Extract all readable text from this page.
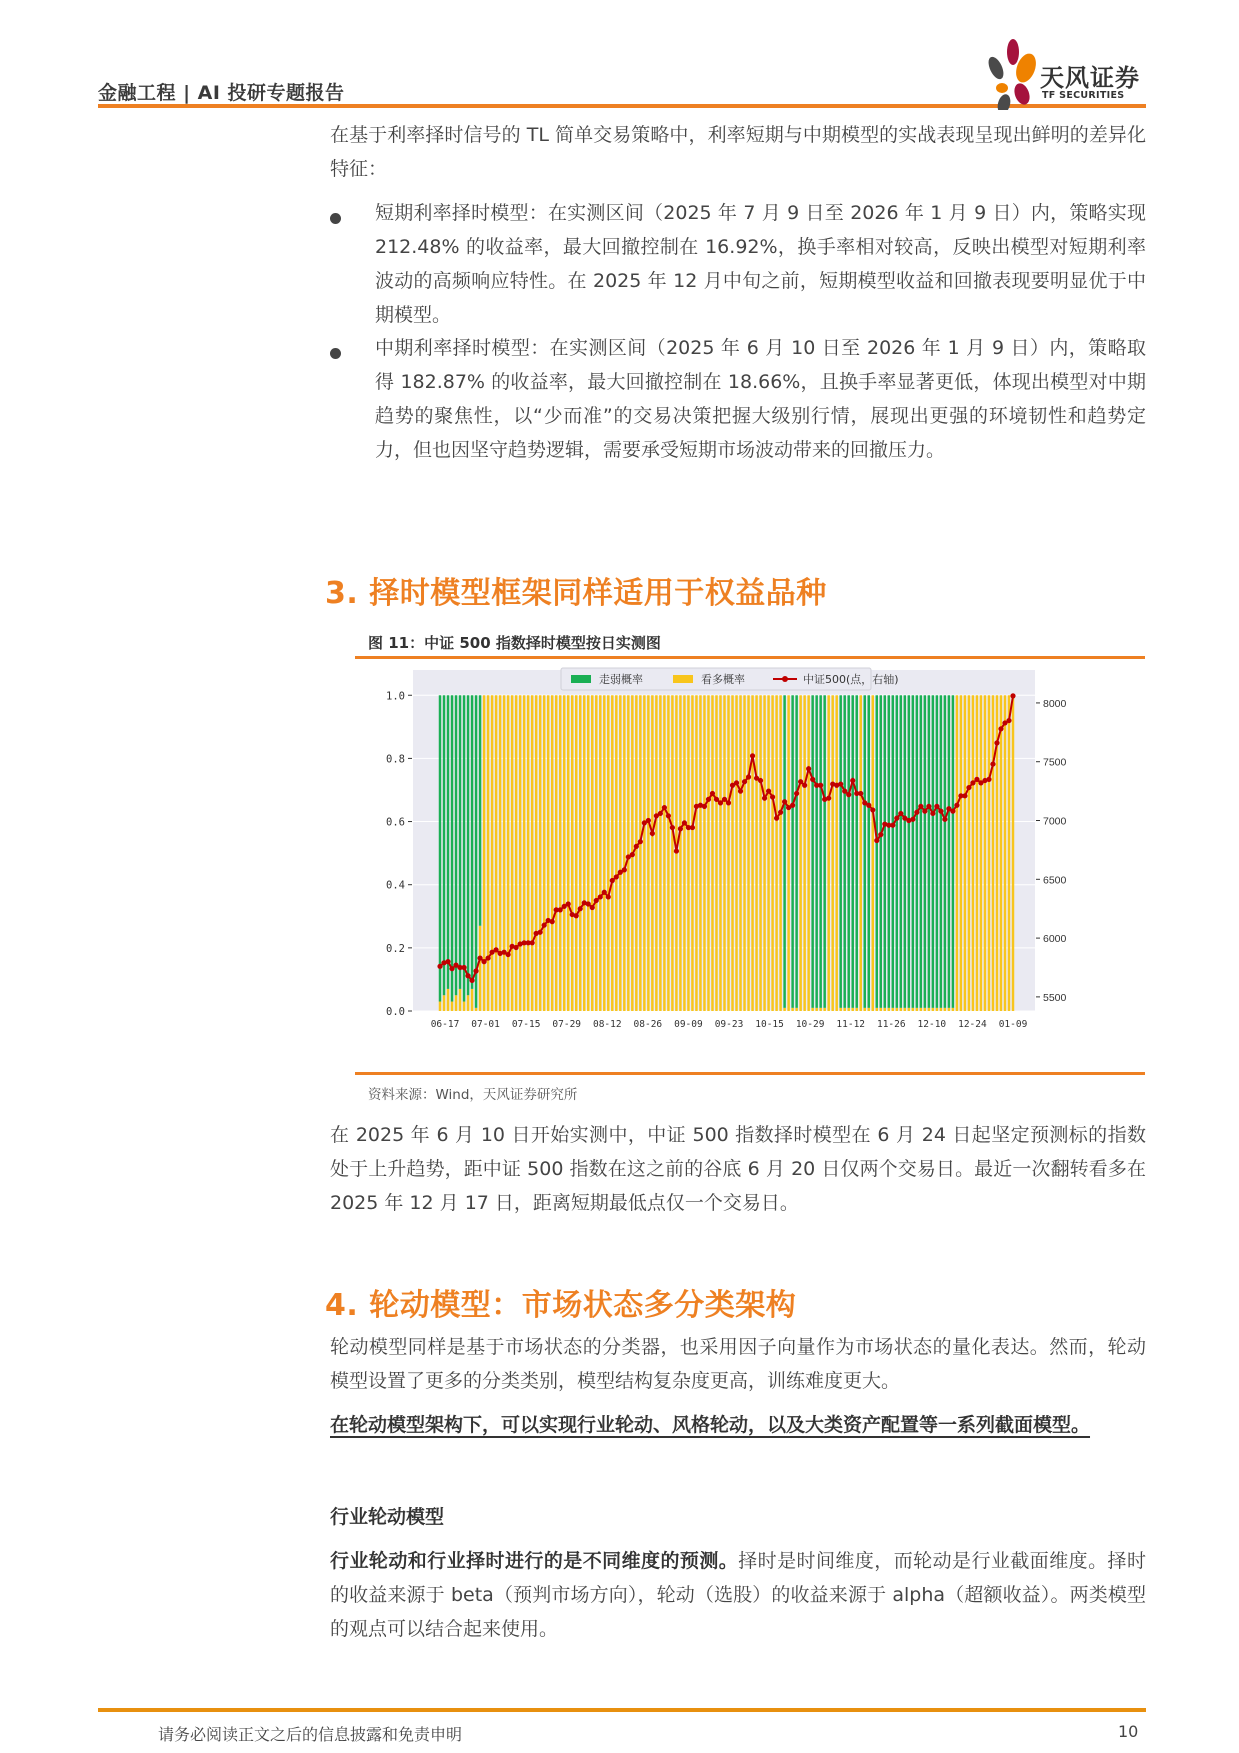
金融工程 | AI 投研专题报告
天风证券
TF SECURITIES
在基于利率择时信号的 TL 简单交易策略中，利率短期与中期模型的实战表现呈现出鲜明的差异化特征：
短期利率择时模型：在实测区间（2025 年 7 月 9 日至 2026 年 1 月 9 日）内，策略实现 212.48% 的收益率，最大回撤控制在 16.92%，换手率相对较高，反映出模型对短期利率波动的高频响应特性。在 2025 年 12 月中旬之前，短期模型收益和回撤表现要明显优于中期模型。
中期利率择时模型：在实测区间（2025 年 6 月 10 日至 2026 年 1 月 9 日）内，策略取得 182.87% 的收益率，最大回撤控制在 18.66%，且换手率显著更低，体现出模型对中期趋势的聚焦性，以“少而准”的交易决策把握大级别行情，展现出更强的环境韧性和趋势定力，但也因坚守趋势逻辑，需要承受短期市场波动带来的回撤压力。
3. 择时模型框架同样适用于权益品种
图 11：中证 500 指数择时模型按日实测图
0.0
0.2
0.4
0.6
0.8
1.0
5500
6000
6500
7000
7500
8000
06-17 07-01 07-15 07-29 08-12 08-26 09-09 09-23 10-15 10-29 11-12 11-26 12-10 12-24 01-09
走弱概率	看多概率	中证500(点，右轴)
资料来源：Wind，天风证券研究所
在 2025 年 6 月 10 日开始实测中，中证 500 指数择时模型在 6 月 24 日起坚定预测标的指数处于上升趋势，距中证 500 指数在这之前的谷底 6 月 20 日仅两个交易日。最近一次翻转看多在 2025 年 12 月 17 日，距离短期最低点仅一个交易日。
4. 轮动模型：市场状态多分类架构
轮动模型同样是基于市场状态的分类器，也采用因子向量作为市场状态的量化表达。然而，轮动模型设置了更多的分类类别，模型结构复杂度更高，训练难度更大。
在轮动模型架构下，可以实现行业轮动、风格轮动，以及大类资产配置等一系列截面模型。
行业轮动模型
行业轮动和行业择时进行的是不同维度的预测。择时是时间维度，而轮动是行业截面维度。择时的收益来源于 beta（预判市场方向），轮动（选股）的收益来源于 alpha（超额收益）。两类模型的观点可以结合起来使用。
请务必阅读正文之后的信息披露和免责申明	10
